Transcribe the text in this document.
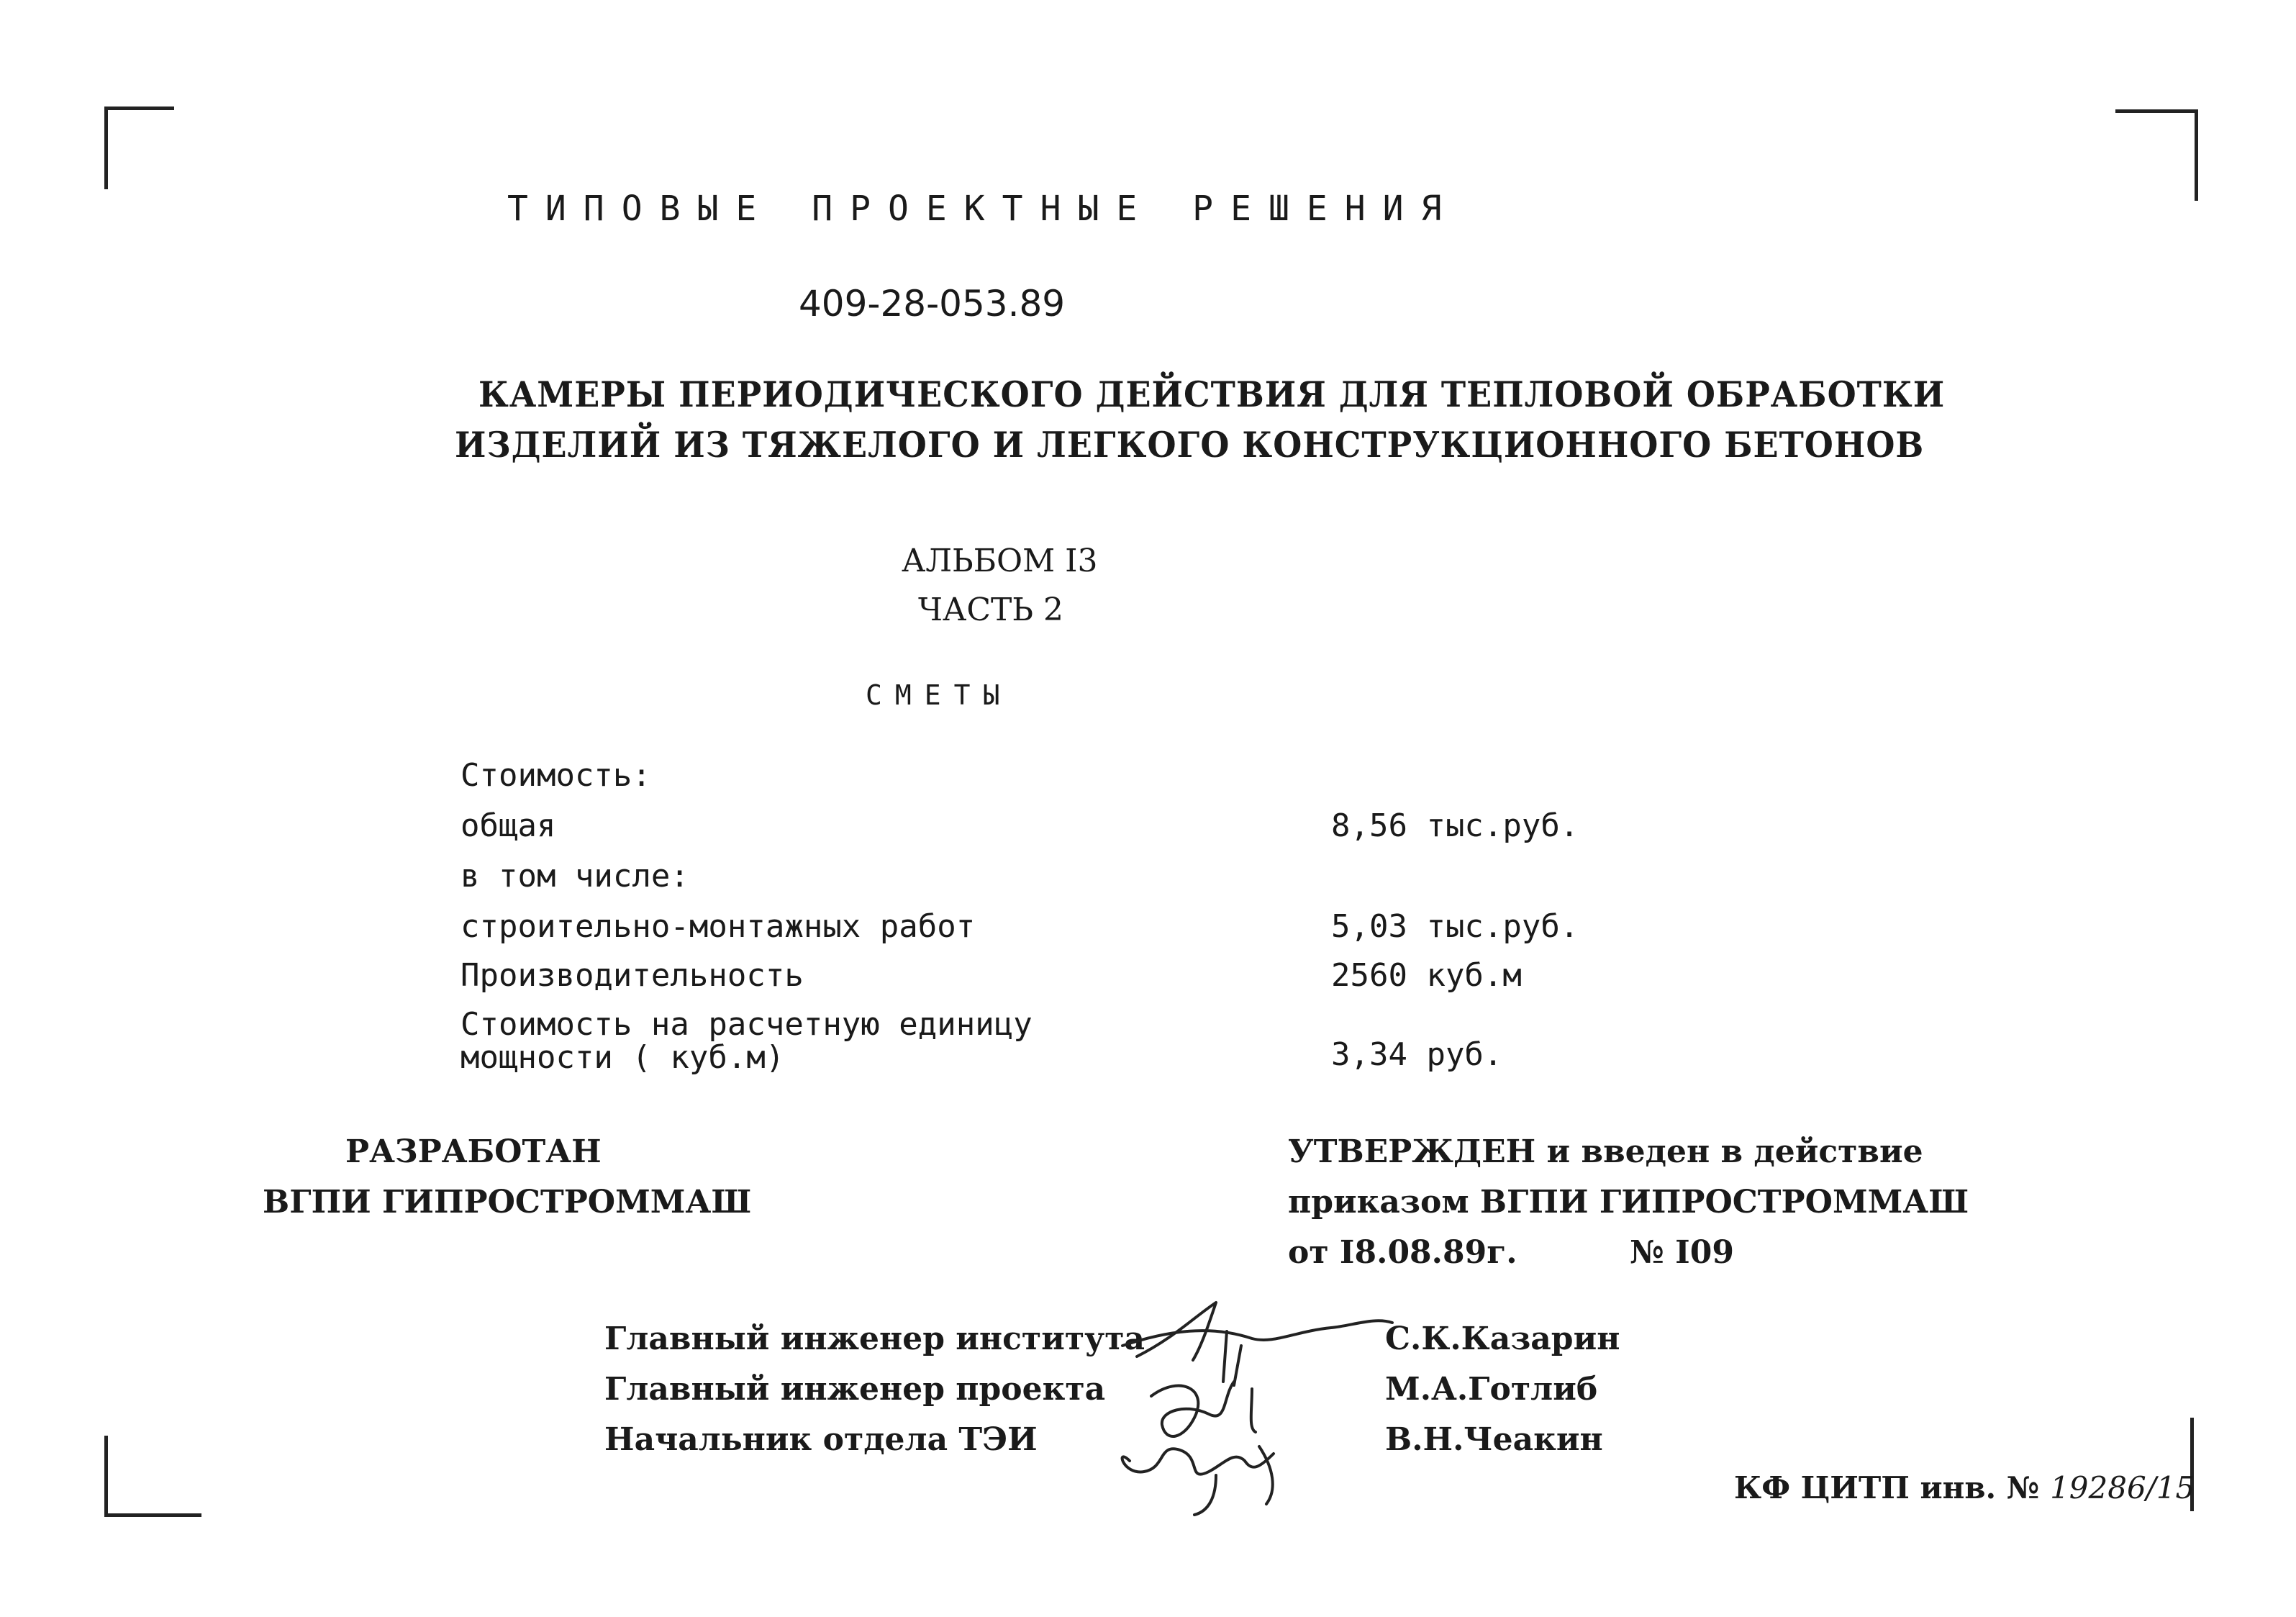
ТИПОВЫЕ ПРОЕКТНЫЕ РЕШЕНИЯ
409-28-053.89
КАМЕРЫ ПЕРИОДИЧЕСКОГО ДЕЙСТВИЯ ДЛЯ ТЕПЛОВОЙ ОБРАБОТКИ
ИЗДЕЛИЙ ИЗ ТЯЖЕЛОГО И ЛЕГКОГО КОНСТРУКЦИОННОГО БЕТОНОВ
АЛЬБОМ I3
ЧАСТЬ 2
СМЕТЫ
Стоимость:
общая	8,56 тыс.руб.
в том числе:
строительно-монтажных работ	5,03 тыс.руб.
Производительность	2560 куб.м
Стоимость на расчетную единицу
мощности ( куб.м)	3,34 руб.
РАЗРАБОТАН
ВГПИ ГИПРОСТРОММАШ
УТВЕРЖДЕН и введен в действие
приказом ВГПИ ГИПРОСТРОММАШ
от I8.08.89г.	№ I09
Главный инженер института	С.К.Казарин
Главный инженер проекта	М.А.Готлиб
Начальник отдела ТЭИ	В.Н.Чеакин
КФ ЦИТП инв. № 19286/15
